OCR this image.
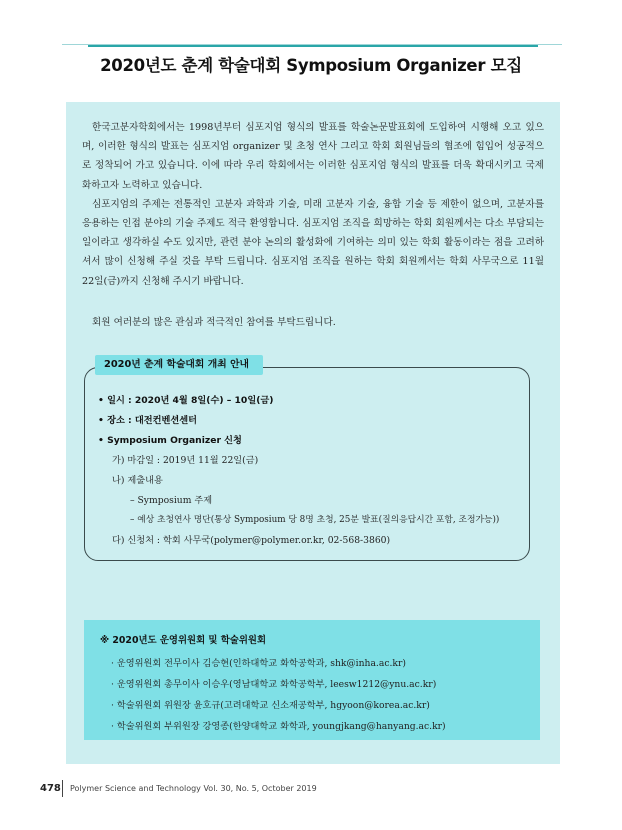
2020년도 춘계 학술대회 Symposium Organizer 모집

한국고분자학회에서는 1998년부터 심포지엄 형식의 발표를 학술논문발표회에 도입하여 시행해 오고 있으며, 이러한 형식의 발표는 심포지엄 organizer 및 초청 연사 그리고 학회 회원님들의 협조에 힘입어 성공적으로 정착되어 가고 있습니다. 이에 따라 우리 학회에서는 이러한 심포지엄 형식의 발표를 더욱 확대시키고 국제화하고자 노력하고 있습니다.

심포지엄의 주제는 전통적인 고분자 과학과 기술, 미래 고분자 기술, 융합 기술 등 제한이 없으며, 고분자를 응용하는 인접 분야의 기술 주제도 적극 환영합니다. 심포지엄 조직을 희망하는 학회 회원께서는 다소 부담되는 일이라고 생각하실 수도 있지만, 관련 분야 논의의 활성화에 기여하는 의미 있는 학회 활동이라는 점을 고려하셔서 많이 신청해 주실 것을 부탁 드립니다. 심포지엄 조직을 원하는 학회 회원께서는 학회 사무국으로 11월 22일(금)까지 신청해 주시기 바랍니다.

회원 여러분의 많은 관심과 적극적인 참여를 부탁드립니다.
2020년 춘계 학술대회 개최 안내
• 일시 : 2020년 4월 8일(수) – 10일(금)
• 장소 : 대전컨벤션센터
• Symposium Organizer 신청
가) 마감일 : 2019년 11월 22일(금)
나) 제출내용
– Symposium 주제
– 예상 초청연사 명단(통상 Symposium 당 8명 초청, 25분 발표(질의응답시간 포함, 조정가능))
다) 신청처 : 학회 사무국(polymer@polymer.or.kr, 02-568-3860)
※ 2020년도 운영위원회 및 학술위원회
· 운영위원회 전무이사 김승현(인하대학교 화학공학과, shk@inha.ac.kr)
· 운영위원회 총무이사 이승우(영남대학교 화학공학부, leesw1212@ynu.ac.kr)
· 학술위원회 위원장 윤호규(고려대학교 신소재공학부, hgyoon@korea.ac.kr)
· 학술위원회 부위원장 강영종(한양대학교 화학과, youngjkang@hanyang.ac.kr)
478 Polymer Science and Technology Vol. 30, No. 5, October 2019
